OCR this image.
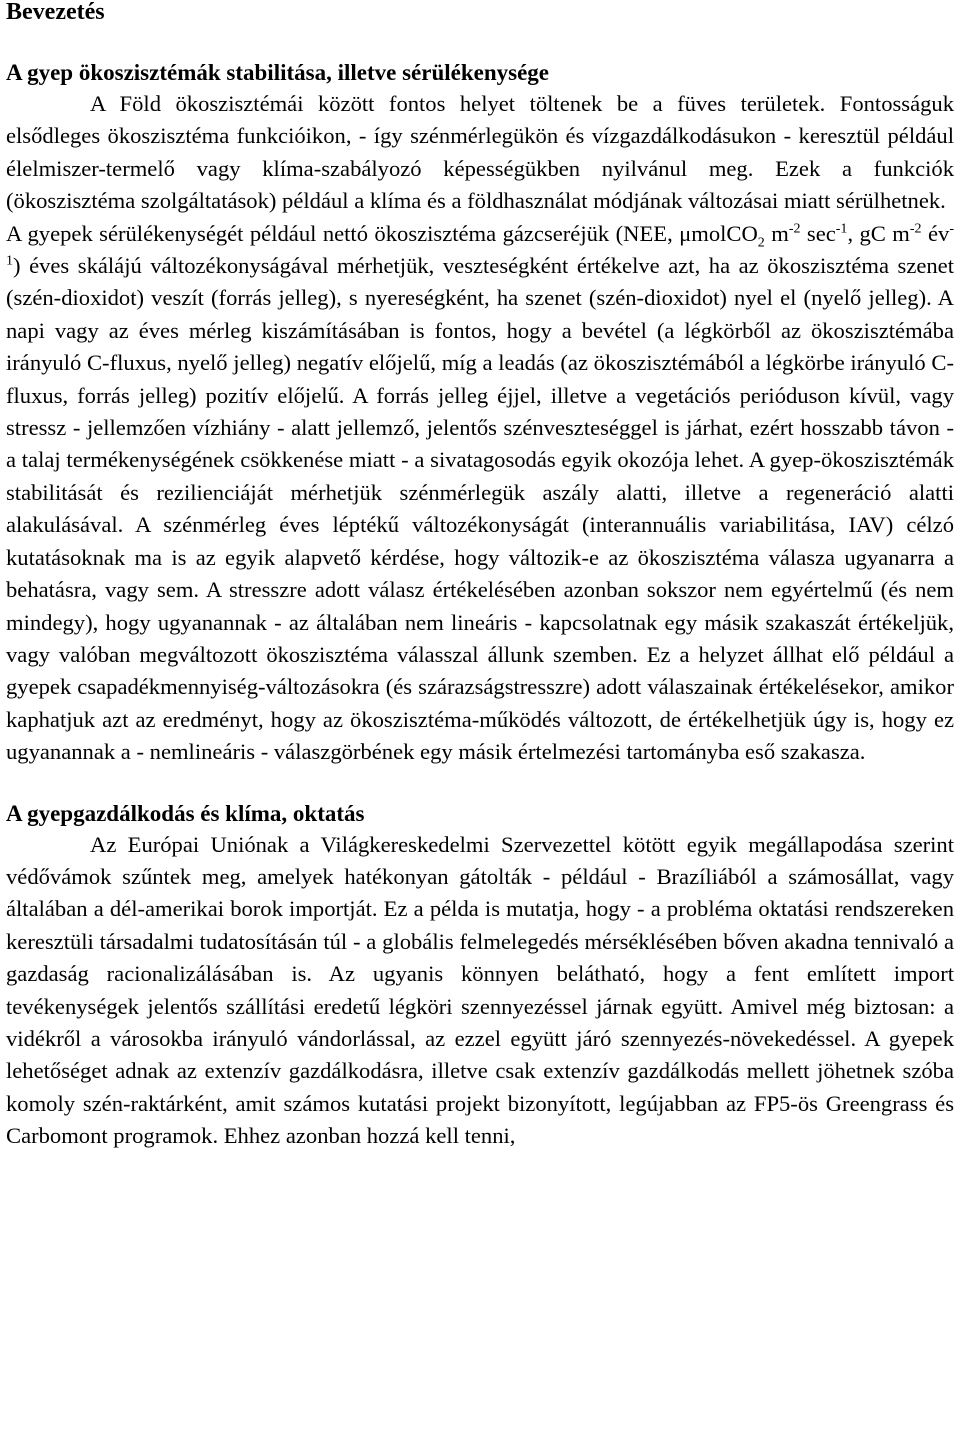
Bevezetés
A gyep ökoszisztémák stabilitása, illetve sérülékenysége

A Föld ökoszisztémái között fontos helyet töltenek be a füves területek. Fontosságuk elsődleges ökoszisztéma funkcióikon, - így szénmérlegükön és vízgazdálkodásukon - keresztül például élelmiszer-termelő vagy klíma-szabályozó képességükben nyilvánul meg. Ezek a funkciók (ökoszisztéma szolgáltatások) például a klíma és a földhasználat módjának változásai miatt sérülhetnek.

A gyepek sérülékenységét például nettó ökoszisztéma gázcseréjük (NEE, μmolCO$_2$ $m^{-2}$ $\sec^{-1}$, gC $m^{-2}$ $év^{-1}$) éves skálájú változékonyságával mérhetjük, veszteségként értékelve azt, ha az ökoszisztéma szenet (szén-dioxidot) veszít (forrás jelleg), s nyereségként, ha szenet (szén-dioxidot) nyel el (nyelő jelleg). A napi vagy az éves mérleg kiszámításában is fontos, hogy a bevétel (a légkörből az ökoszisztémába irányuló C-fluxus, nyelő jelleg) negatív előjelű, míg a leadás (az ökoszisztémából a légkörbe irányuló C-fluxus, forrás jelleg) pozitív előjelű. A forrás jelleg éjjel, illetve a vegetációs perióduson kívül, vagy stressz - jellemzően vízhiány - alatt jellemző, jelentős szénveszteséggel is járhat, ezért hosszabb távon - a talaj termékenységének csökkenése miatt - a sivatagosodás egyik okozója lehet. A gyep-ökoszisztémák stabilitását és rezilienciáját mérhetjük szénmérlegük aszály alatti, illetve a regeneráció alatti alakulásával. A szénmérleg éves léptékű változékonyságát (interannuális variabilitása, IAV) célzó kutatásoknak ma is az egyik alapvető kérdése, hogy változik-e az ökoszisztéma válasza ugyanarra a behatásra, vagy sem. A stresszre adott válasz értékelésében azonban sokszor nem egyértelmű (és nem mindegy), hogy ugyanannak - az általában nem lineáris - kapcsolatnak egy másik szakaszát értékeljük, vagy valóban megváltozott ökoszisztéma válasszal állunk szemben. Ez a helyzet állhat elő például a gyepek csapadékmennyiség-változásokra (és szárazságstresszre) adott válaszainak értékelésekor, amikor kaphatjuk azt az eredményt, hogy az ökoszisztéma-működés változott, de értékelhetjük úgy is, hogy ez ugyanannak a - nemlineáris - válaszgörbének egy másik értelmezési tartományba eső szakasza.

A gyepgazdálkodás és klíma, oktatás

Az Európai Uniónak a Világkereskedelmi Szervezettel kötött egyik megállapodása szerint védővámok szűntek meg, amelyek hatékonyan gátolták - például - Brazíliából a számosállat, vagy általában a dél-amerikai borok importját. Ez a példa is mutatja, hogy - a probléma oktatási rendszereken keresztüli társadalmi tudatosításán túl - a globális felmelegedés mérséklésében bőven akadna tennivaló a gazdaság racionalizálásában is. Az ugyanis könnyen belátható, hogy a fent említett import tevékenységek jelentős szállítási eredetű légköri szennyezéssel járnak együtt. Amivel még biztosan: a vidékről a városokba irányuló vándorlással, az ezzel együtt járó szennyezés-növekedéssel. A gyepek lehetőséget adnak az extenzív gazdálkodásra, illetve csak extenzív gazdálkodás mellett jöhetnek szóba komoly szén-raktárként, amit számos kutatási projekt bizonyított, legújabban az FP5-ös Greengrass és Carbomont programok. Ehhez azonban hozzá kell tenni,
